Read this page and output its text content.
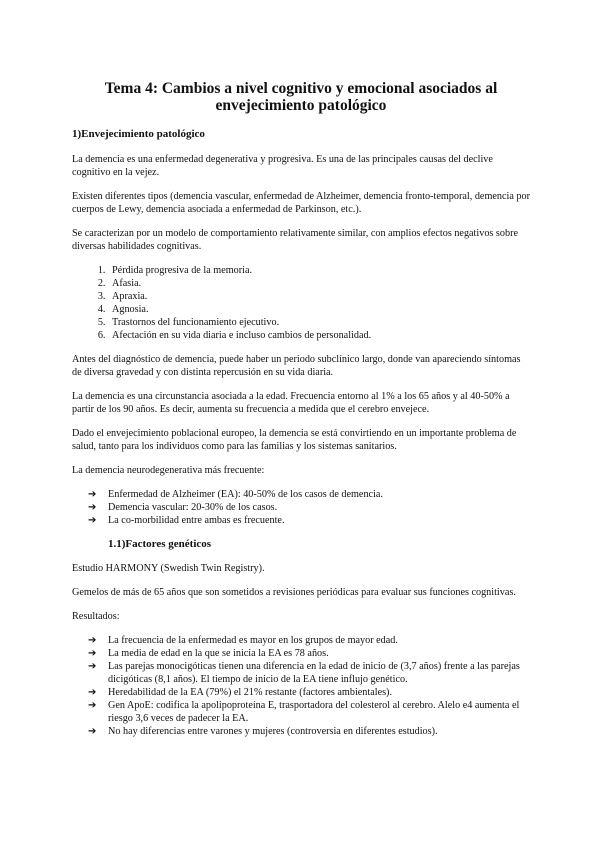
Tema 4: Cambios a nivel cognitivo y emocional asociados al envejecimiento patológico
1)Envejecimiento patológico

La demencia es una enfermedad degenerativa y progresiva. Es una de las principales causas del declive cognitivo en la vejez.

Existen diferentes tipos (demencia vascular, enfermedad de Alzheimer, demencia fronto-temporal, demencia por cuerpos de Lewy, demencia asociada a enfermedad de Parkinson, etc.).

Se caracterizan por un modelo de comportamiento relativamente similar, con amplios efectos negativos sobre diversas habilidades cognitivas.

1. Pérdida progresiva de la memoria.
2. Afasia.
3. Apraxia.
4. Agnosia.
5. Trastornos del funcionamiento ejecutivo.
6. Afectación en su vida diaria e incluso cambios de personalidad.

Antes del diagnóstico de demencia, puede haber un periodo subclínico largo, donde van apareciendo síntomas de diversa gravedad y con distinta repercusión en su vida diaria.

La demencia es una circunstancia asociada a la edad. Frecuencia entorno al 1% a los 65 años y al 40-50% a partir de los 90 años. Es decir, aumenta su frecuencia a medida que el cerebro envejece.

Dado el envejecimiento poblacional europeo, la demencia se está convirtiendo en un importante problema de salud, tanto para los individuos como para las familias y los sistemas sanitarios.

La demencia neurodegenerativa más frecuente:

➔ Enfermedad de Alzheimer (EA): 40-50% de los casos de demencia.
➔ Demencia vascular: 20-30% de los casos.
➔ La co-morbilidad entre ambas es frecuente.
1.1)Factores genéticos

Estudio HARMONY (Swedish Twin Registry).

Gemelos de más de 65 años que son sometidos a revisiones periódicas para evaluar sus funciones cognitivas.

Resultados:

➔ La frecuencia de la enfermedad es mayor en los grupos de mayor edad.
➔ La media de edad en la que se inicia la EA es 78 años.
➔ Las parejas monocigóticas tienen una diferencia en la edad de inicio de (3,7 años) frente a las parejas dicigóticas (8,1 años). El tiempo de inicio de la EA tiene influjo genético.
➔ Heredabilidad de la EA (79%) el 21% restante (factores ambientales).
➔ Gen ApoE: codifica la apolipoproteína E, trasportadora del colesterol al cerebro. Alelo e4 aumenta el riesgo 3,6 veces de padecer la EA.
➔ No hay diferencias entre varones y mujeres (controversia en diferentes estudios).
